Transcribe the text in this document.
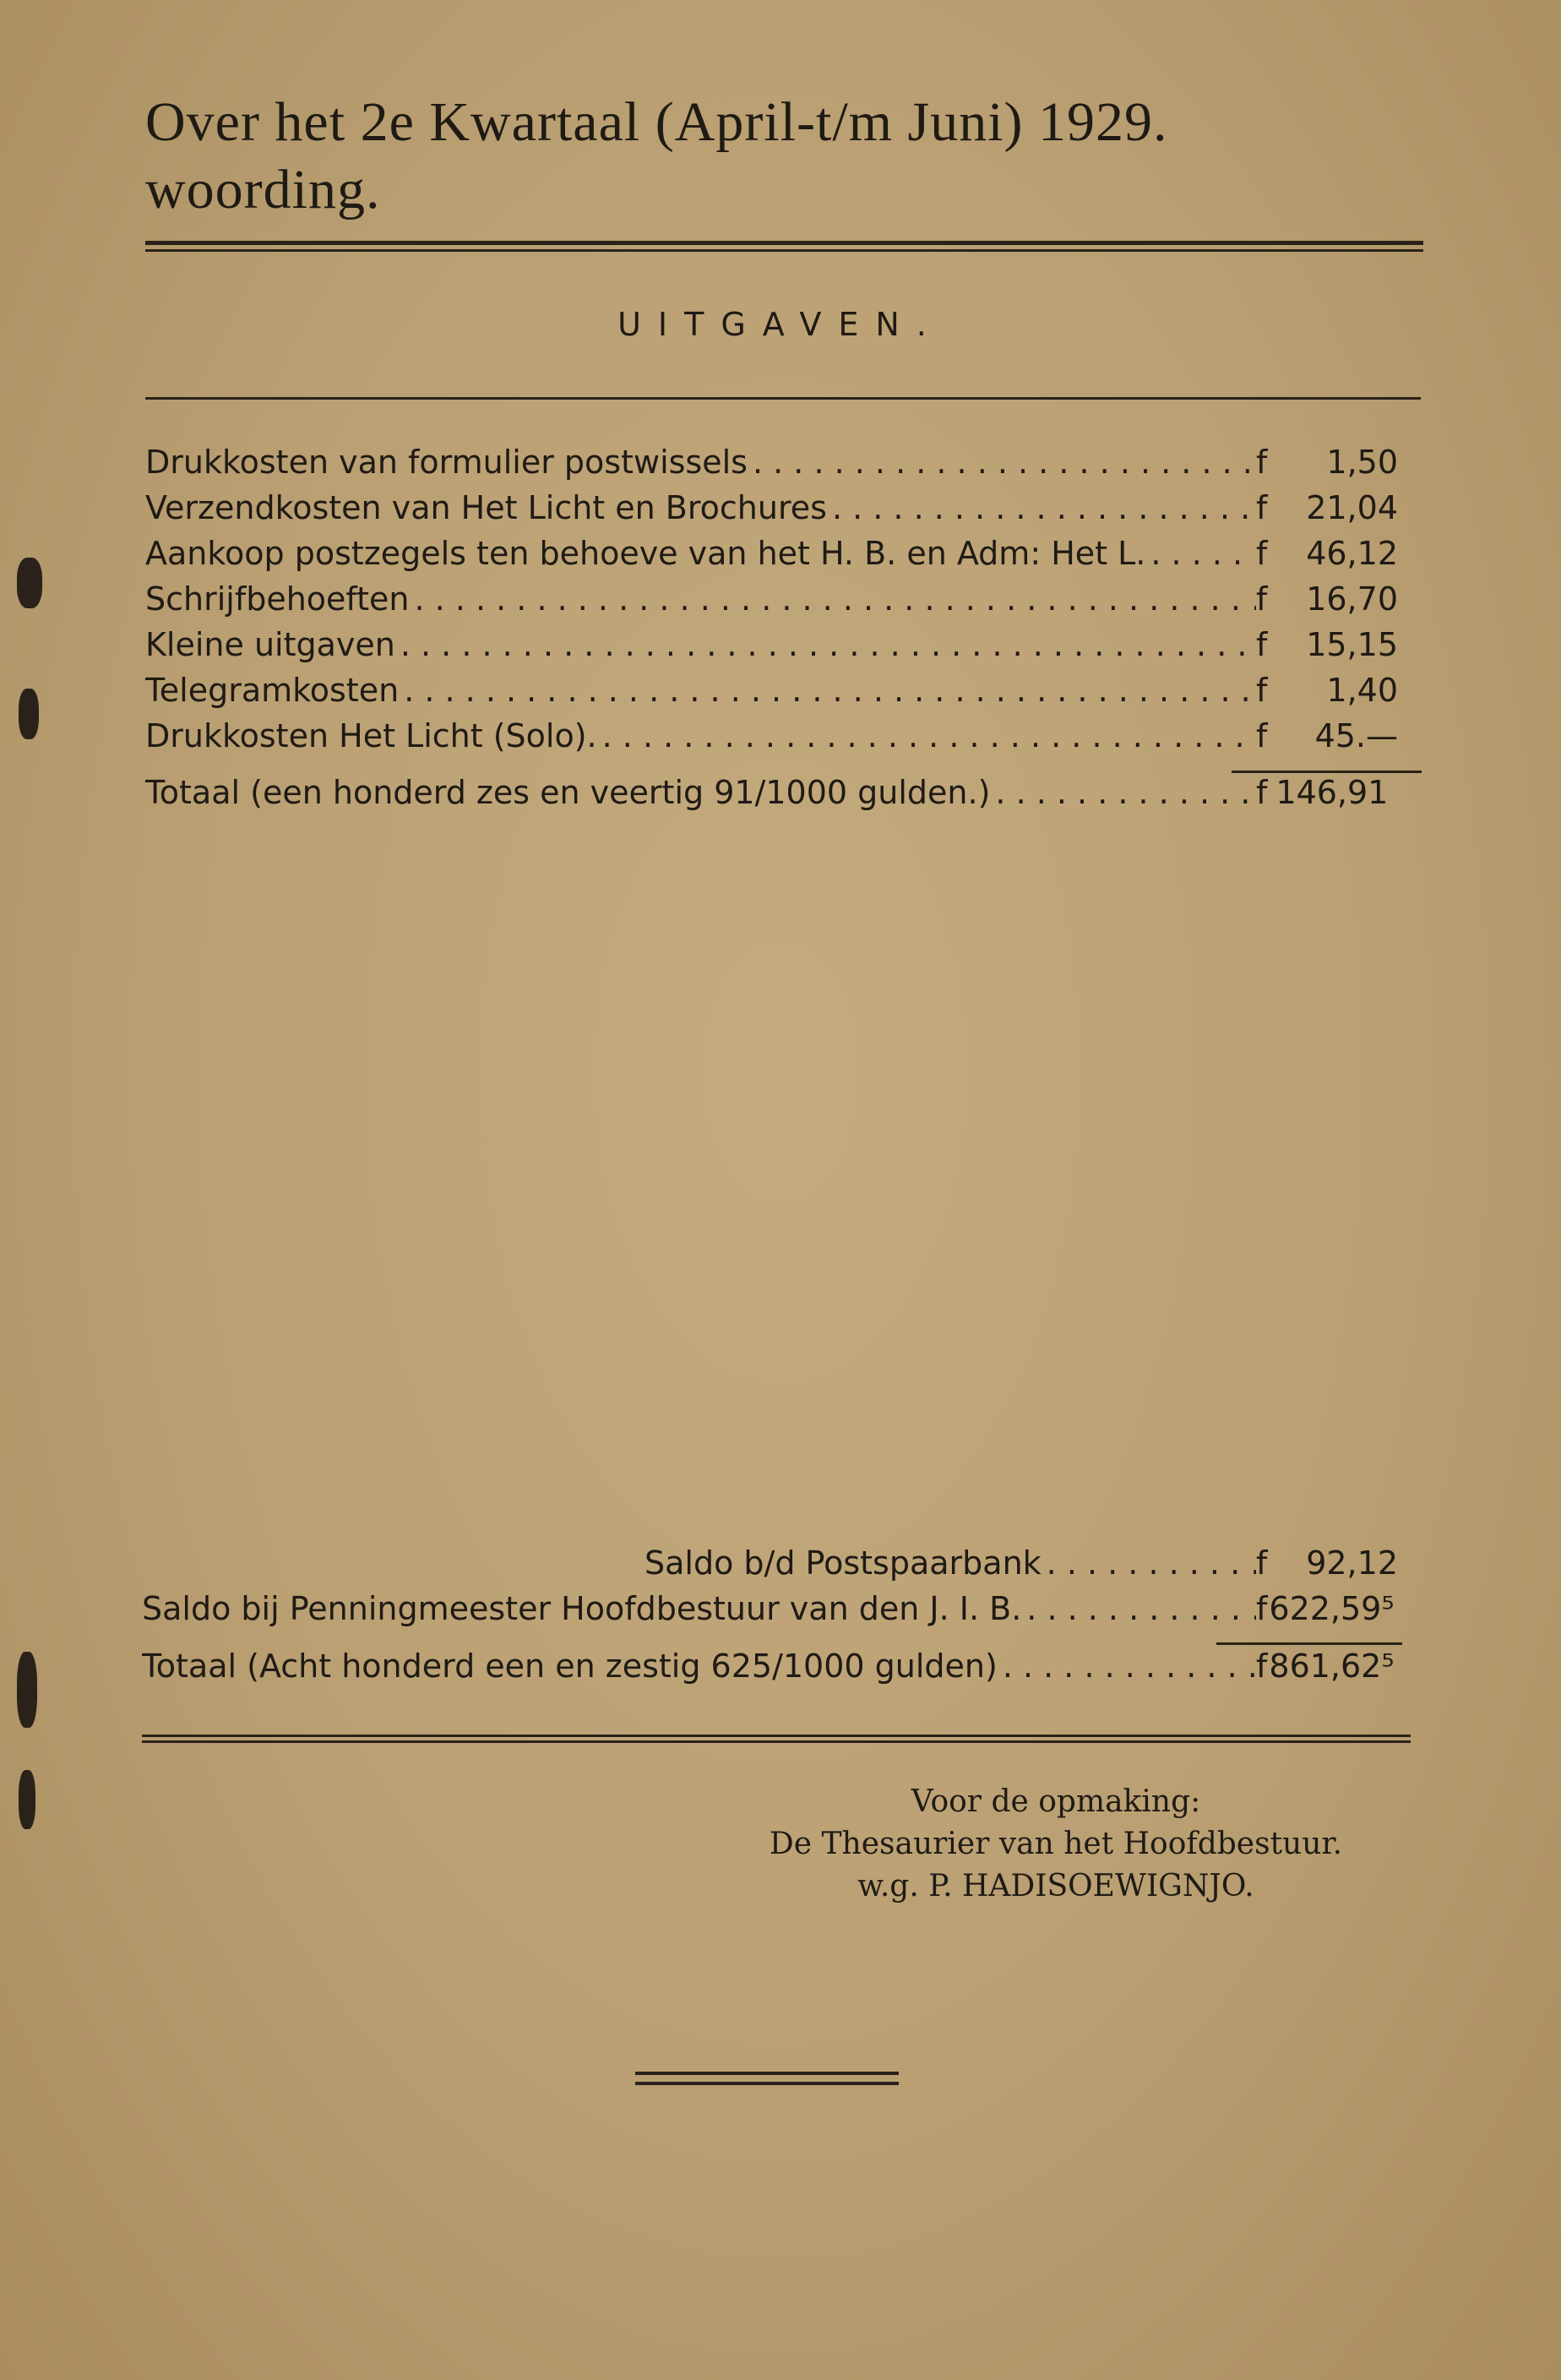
Over het 2e Kwartaal (April-t/m Juni) 1929.
woording.
UITGAVEN.
Drukkosten van formulier postwissels . . .	f 1,50
Verzendkosten van Het Licht en Brochures . . .	f 21,04
Aankoop postzegels ten behoeve van het H. B. en Adm: Het L. . . .	f 46,12
Schrijfbehoeften . . .	f 16,70
Kleine uitgaven . . .	f 15,15
Telegramkosten . . .	f 1,40
Drukkosten Het Licht (Solo). . . .	f 45.—
Totaal (een honderd zes en veertig 91/1000 gulden.) . . .	f 146,91
Saldo b/d Postspaarbank . . .	f 92,12
Saldo bij Penningmeester Hoofdbestuur van den J. I. B. . . .	f 622,59⁵
Totaal (Acht honderd een en zestig 625/1000 gulden) . . .	f 861,62⁵
Voor de opmaking:
De Thesaurier van het Hoofdbestuur.
w.g. P. HADISOEWIGNJO.
